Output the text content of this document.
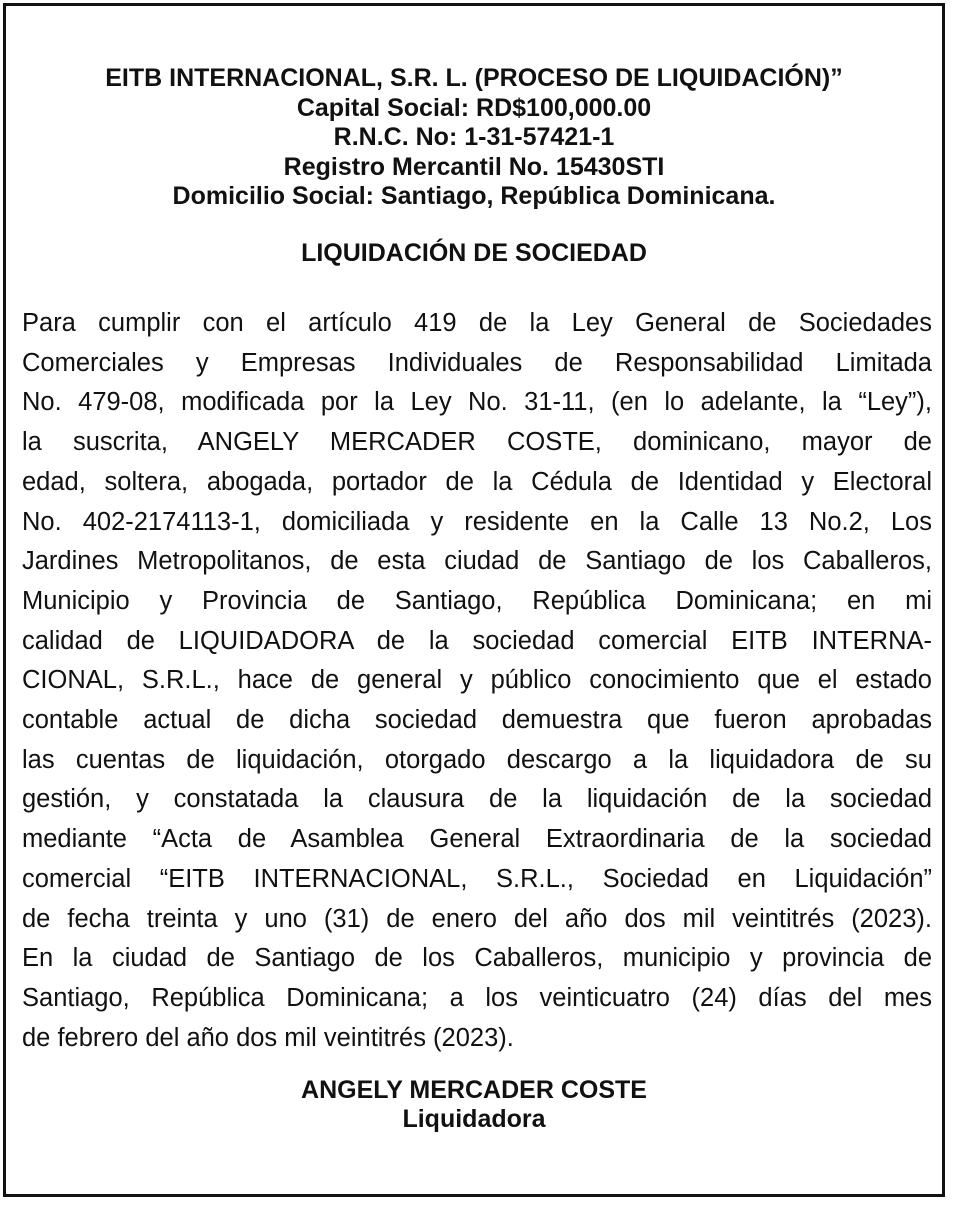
EITB INTERNACIONAL, S.R. L. (PROCESO DE LIQUIDACIÓN)”
Capital Social: RD$100,000.00
R.N.C. No: 1-31-57421-1
Registro Mercantil No. 15430STI
Domicilio Social: Santiago, República Dominicana.
LIQUIDACIÓN DE SOCIEDAD
Para cumplir con el artículo 419 de la Ley General de Sociedades
Comerciales y Empresas Individuales de Responsabilidad Limitada
No. 479-08, modificada por la Ley No. 31-11, (en lo adelante, la “Ley”),
la suscrita, ANGELY MERCADER COSTE, dominicano, mayor de
edad, soltera, abogada, portador de la Cédula de Identidad y Electoral
No. 402-2174113-1, domiciliada y residente en la Calle 13 No.2, Los
Jardines Metropolitanos, de esta ciudad de Santiago de los Caballeros,
Municipio y Provincia de Santiago, República Dominicana; en mi
calidad de LIQUIDADORA de la sociedad comercial EITB INTERNA-
CIONAL, S.R.L., hace de general y público conocimiento que el estado
contable actual de dicha sociedad demuestra que fueron aprobadas
las cuentas de liquidación, otorgado descargo a la liquidadora de su
gestión, y constatada la clausura de la liquidación de la sociedad
mediante “Acta de Asamblea General Extraordinaria de la sociedad
comercial “EITB INTERNACIONAL, S.R.L., Sociedad en Liquidación”
de fecha treinta y uno (31) de enero del año dos mil veintitrés (2023).
En la ciudad de Santiago de los Caballeros, municipio y provincia de
Santiago, República Dominicana; a los veinticuatro (24) días del mes
de febrero del año dos mil veintitrés (2023).
ANGELY MERCADER COSTE
Liquidadora
